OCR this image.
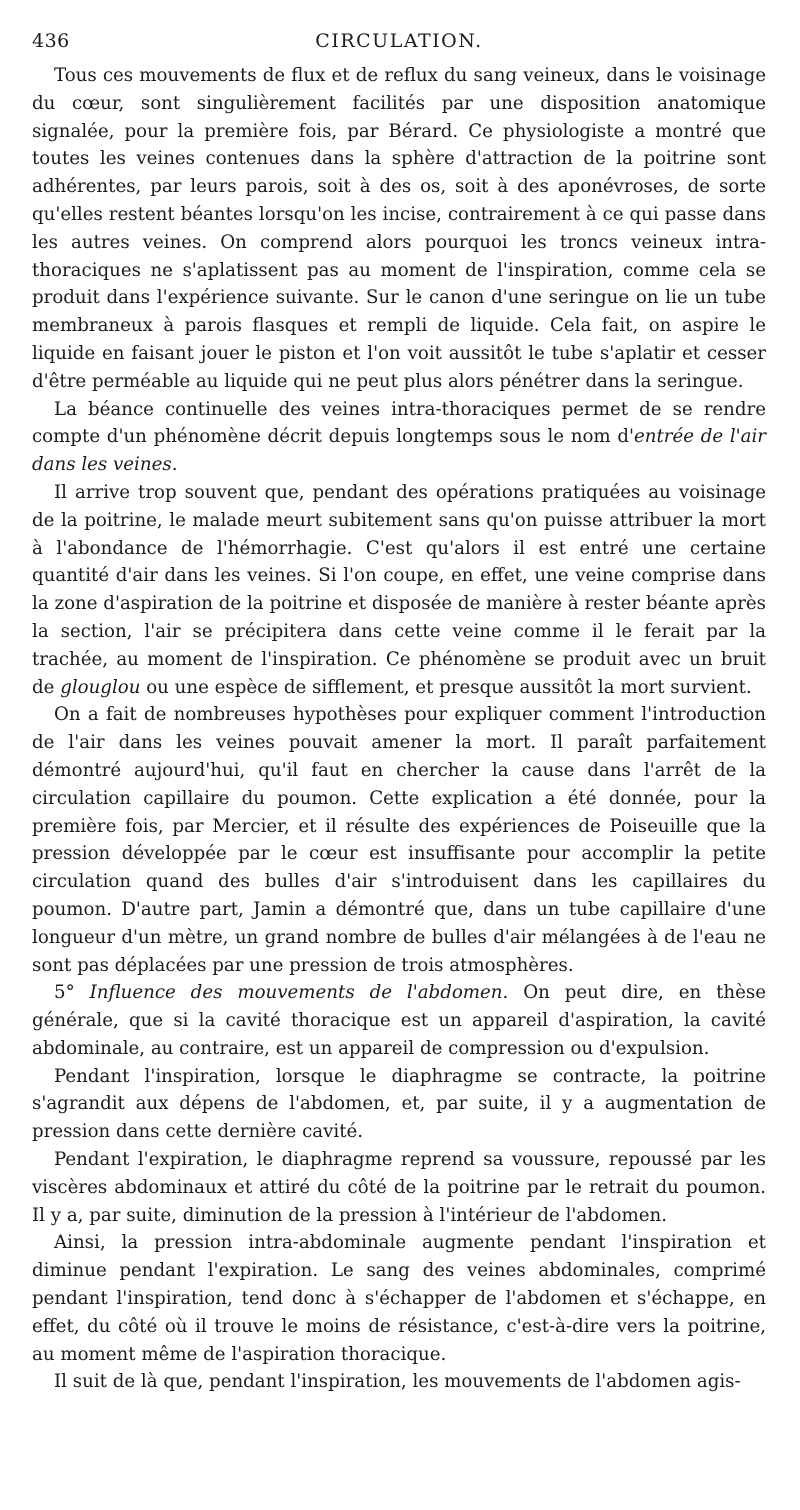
436	CIRCULATION.

Tous ces mouvements de flux et de reflux du sang veineux, dans le voisinage du cœur, sont singulièrement facilités par une disposition anatomique signalée, pour la première fois, par Bérard. Ce physiologiste a montré que toutes les veines contenues dans la sphère d'attraction de la poitrine sont adhérentes, par leurs parois, soit à des os, soit à des aponévroses, de sorte qu'elles restent béantes lorsqu'on les incise, contrairement à ce qui passe dans les autres veines. On comprend alors pourquoi les troncs veineux intra-thoraciques ne s'aplatissent pas au moment de l'inspiration, comme cela se produit dans l'expérience suivante. Sur le canon d'une seringue on lie un tube membraneux à parois flasques et rempli de liquide. Cela fait, on aspire le liquide en faisant jouer le piston et l'on voit aussitôt le tube s'aplatir et cesser d'être perméable au liquide qui ne peut plus alors pénétrer dans la seringue.

La béance continuelle des veines intra-thoraciques permet de se rendre compte d'un phénomène décrit depuis longtemps sous le nom d'entrée de l'air dans les veines.

Il arrive trop souvent que, pendant des opérations pratiquées au voisinage de la poitrine, le malade meurt subitement sans qu'on puisse attribuer la mort à l'abondance de l'hémorrhagie. C'est qu'alors il est entré une certaine quantité d'air dans les veines. Si l'on coupe, en effet, une veine comprise dans la zone d'aspiration de la poitrine et disposée de manière à rester béante après la section, l'air se précipitera dans cette veine comme il le ferait par la trachée, au moment de l'inspiration. Ce phénomène se produit avec un bruit de glouglou ou une espèce de sifflement, et presque aussitôt la mort survient.

On a fait de nombreuses hypothèses pour expliquer comment l'introduction de l'air dans les veines pouvait amener la mort. Il paraît parfaitement démontré aujourd'hui, qu'il faut en chercher la cause dans l'arrêt de la circulation capillaire du poumon. Cette explication a été donnée, pour la première fois, par Mercier, et il résulte des expériences de Poiseuille que la pression développée par le cœur est insuffisante pour accomplir la petite circulation quand des bulles d'air s'introduisent dans les capillaires du poumon. D'autre part, Jamin a démontré que, dans un tube capillaire d'une longueur d'un mètre, un grand nombre de bulles d'air mélangées à de l'eau ne sont pas déplacées par une pression de trois atmosphères.

5° Influence des mouvements de l'abdomen. On peut dire, en thèse générale, que si la cavité thoracique est un appareil d'aspiration, la cavité abdominale, au contraire, est un appareil de compression ou d'expulsion.

Pendant l'inspiration, lorsque le diaphragme se contracte, la poitrine s'agrandit aux dépens de l'abdomen, et, par suite, il y a augmentation de pression dans cette dernière cavité.

Pendant l'expiration, le diaphragme reprend sa voussure, repoussé par les viscères abdominaux et attiré du côté de la poitrine par le retrait du poumon. Il y a, par suite, diminution de la pression à l'intérieur de l'abdomen.

Ainsi, la pression intra-abdominale augmente pendant l'inspiration et diminue pendant l'expiration. Le sang des veines abdominales, comprimé pendant l'inspiration, tend donc à s'échapper de l'abdomen et s'échappe, en effet, du côté où il trouve le moins de résistance, c'est-à-dire vers la poitrine, au moment même de l'aspiration thoracique.

Il suit de là que, pendant l'inspiration, les mouvements de l'abdomen agis-
